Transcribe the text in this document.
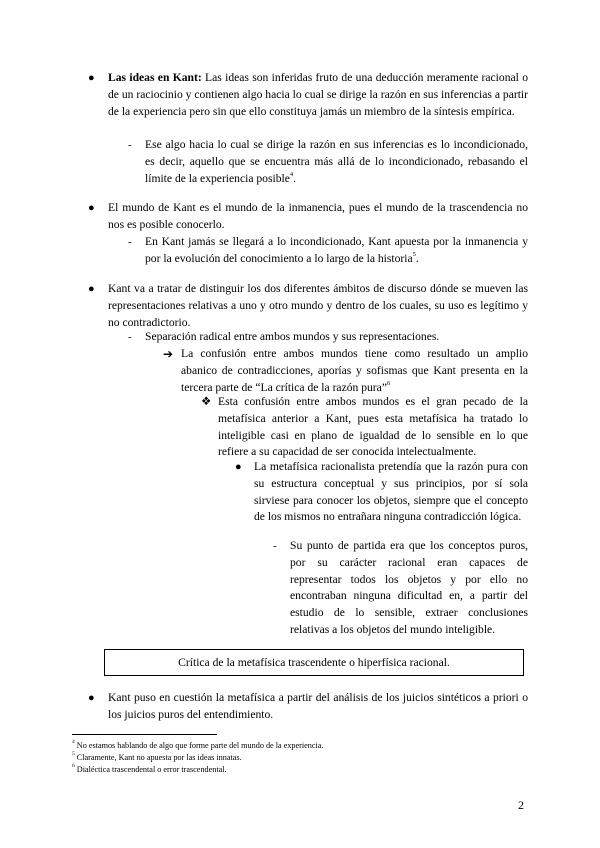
● Las ideas en Kant: Las ideas son inferidas fruto de una deducción meramente racional o de un raciocinio y contienen algo hacia lo cual se dirige la razón en sus inferencias a partir de la experiencia pero sin que ello constituya jamás un miembro de la síntesis empírica.

- Ese algo hacia lo cual se dirige la razón en sus inferencias es lo incondicionado, es decir, aquello que se encuentra más allá de lo incondicionado, rebasando el límite de la experiencia posible$^4$.

● El mundo de Kant es el mundo de la inmanencia, pues el mundo de la trascendencia no nos es posible conocerlo.

- En Kant jamás se llegará a lo incondicionado, Kant apuesta por la inmanencia y por la evolución del conocimiento a lo largo de la historia$^5$.

● Kant va a tratar de distinguir los dos diferentes ámbitos de discurso dónde se mueven las representaciones relativas a uno y otro mundo y dentro de los cuales, su uso es legítimo y no contradictorio.

- Separación radical entre ambos mundos y sus representaciones.

➔ La confusión entre ambos mundos tiene como resultado un amplio abanico de contradicciones, aporías y sofismas que Kant presenta en la tercera parte de “La crítica de la razón pura”$^6$

❖ Esta confusión entre ambos mundos es el gran pecado de la metafísica anterior a Kant, pues esta metafísica ha tratado lo inteligible casi en plano de igualdad de lo sensible en lo que refiere a su capacidad de ser conocida intelectualmente.

● La metafísica racionalista pretendía que la razón pura con su estructura conceptual y sus principios, por sí sola sirviese para conocer los objetos, siempre que el concepto de los mismos no entrañara ninguna contradicción lógica.

- Su punto de partida era que los conceptos puros, por su carácter racional eran capaces de representar todos los objetos y por ello no encontraban ninguna dificultad en, a partir del estudio de lo sensible, extraer conclusiones relativas a los objetos del mundo inteligible.

Crítica de la metafísica trascendente o hiperfísica racional.
● Kant puso en cuestión la metafísica a partir del análisis de los juicios sintéticos a priori o los juicios puros del entendimiento.

$^4$ No estamos hablando de algo que forme parte del mundo de la experiencia.
$^5$ Claramente, Kant no apuesta por las ideas innatas.
$^6$ Dialéctica trascendental o error trascendental.
2
